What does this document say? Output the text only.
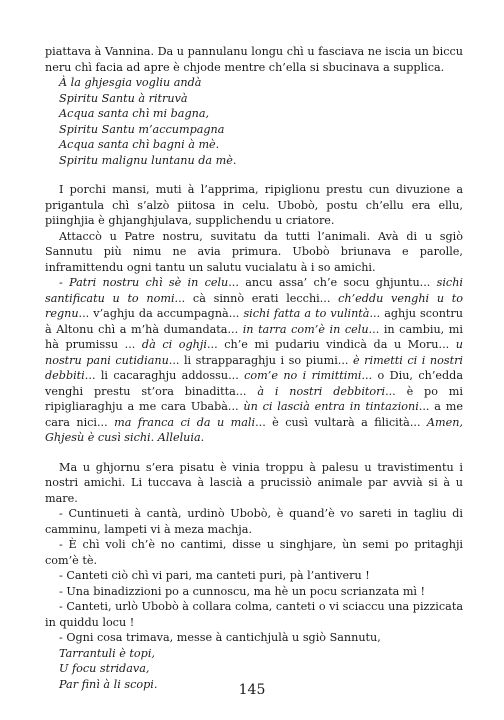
piattava à Vannina. Da u pannulanu longu chì u fasciava ne iscia un biccu neru chì facia ad apre è chjode mentre ch’ella si sbucinava a supplica.

À la ghjesgia vogliu andà
Spiritu Santu à ritruvà
Acqua santa chì mi bagna,
Spiritu Santu m’accumpagna
Acqua santa chì bagni à mè.
Spiritu malignu luntanu da mè.

I porchi mansi, muti à l’apprima, ripiglionu prestu cun divuzione a prigantula chì s’alzò piitosa in celu. Ubobò, postu ch’ellu era ellu, piinghjia è ghjanghjulava, supplichendu u criatore.

Attaccò u Patre nostru, suvitatu da tutti l’animali. Avà di u sgiò Sannutu più nimu ne avia primura. Ubobò briunava e parolle, inframittendu ogni tantu un salutu vucialatu à i so amichi.

- Patri nostru chì sè in celu... ancu assa’ ch’e socu ghjuntu... sichi santificatu u to nomi... cà sinnò erati lecchi... ch’eddu venghi u to regnu... v’aghju da accumpagnà... sichi fatta a to vulintà... aghju scontru à Altonu chì a m’hà dumandata... in tarra com’è in celu... in cambiu, mi hà prumissu ... dà ci oghji... ch’e mi pudariu vindicà da u Moru... u nostru pani cutidianu... li strapparaghju i so piumi... è rimetti ci i nostri debbiti... li cacaraghju addossu... com’e no i rimittimi... o Diu, ch’edda venghi prestu st’ora binaditta... à i nostri debbitori... è po mi ripigliaraghju a me cara Ubabà... ùn ci lascià entra in tintazioni... a me cara nici... ma franca ci da u mali... è cusì vultarà a filicità... Amen, Ghjesù è cusì sichi. Alleluia.

Ma u ghjornu s’era pisatu è vinia troppu à palesu u travistimentu i nostri amichi. Li tuccava à lascià a prucissiò animale par avvià si à u mare.

- Cuntinueti à cantà, urdinò Ubobò, è quand’è vo sareti in tagliu di camminu, lampeti vi à meza machja.

- È chì voli ch’è no cantimi, disse u singhjare, ùn semi po pritaghji com’è tè.

- Canteti ciò chì vi pari, ma canteti puri, pà l’antiveru !

- Una binadizzioni po a cunnoscu, ma hè un pocu scrianzata mì !

- Canteti, urlò Ubobò à collara colma, canteti o vi sciaccu una pizzicata in quiddu locu !

- Ogni cosa trimava, messe à cantichjulà u sgiò Sannutu,

Tarrantuli è topi,
U focu stridava,
Par finì à li scopi.	145
